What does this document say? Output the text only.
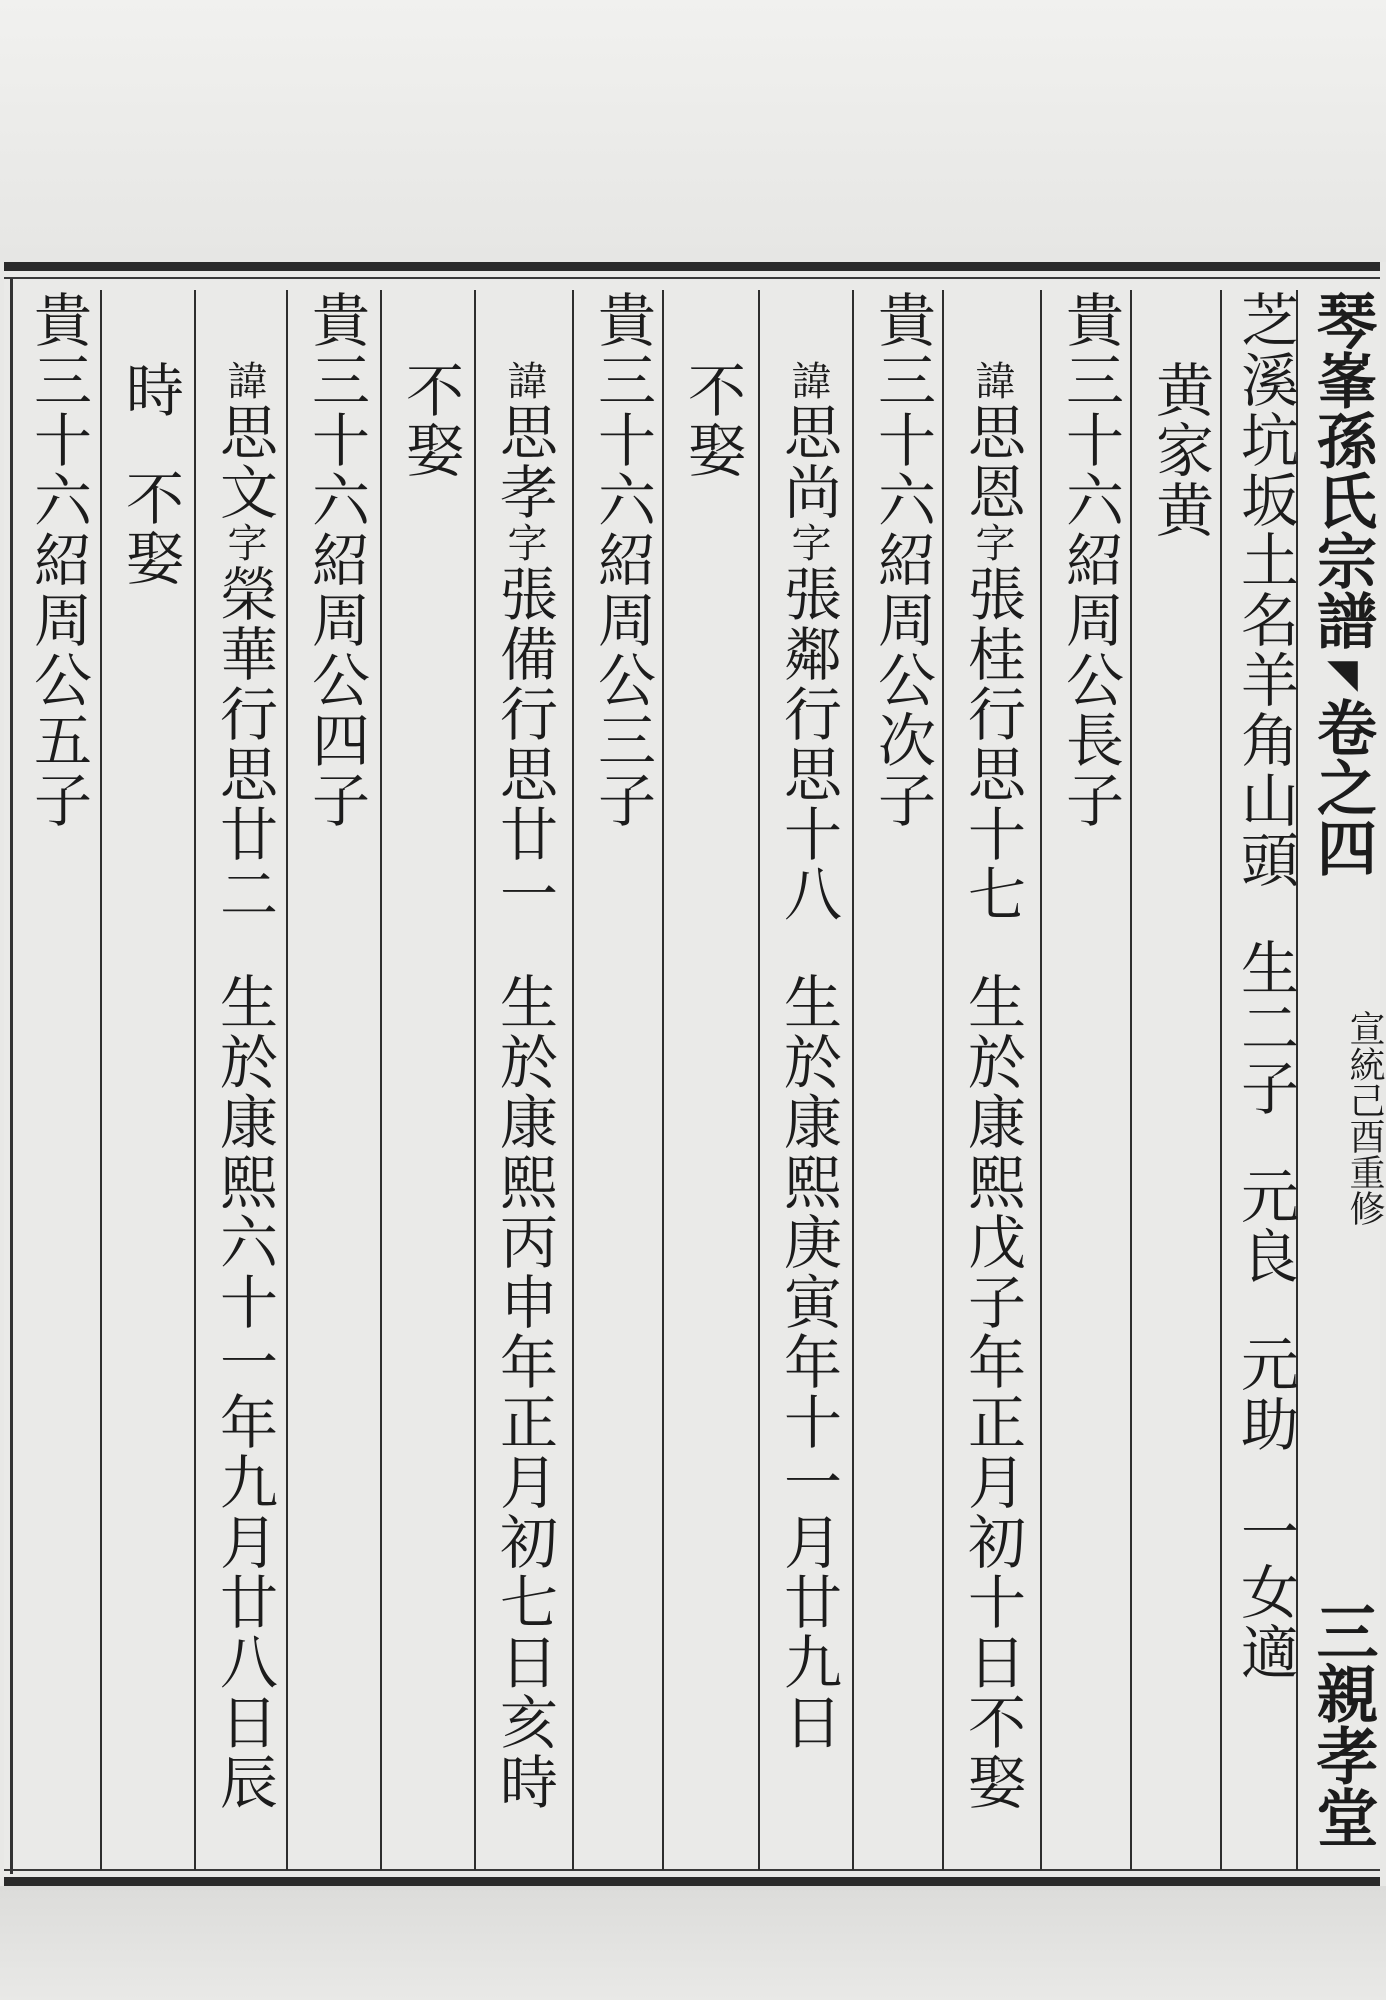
琴峯孫氏宗譜◥卷之四
宣統己酉重修
三親孝堂
芝溪坑坂土名羊角山頭生二子元良元助一女適
黄家黄
貴三十六紹周公長子
諱思恩字張桂行思十七生於康熙戊子年正月初十日不娶
貴三十六紹周公次子
諱思尚字張鄰行思十八生於康熙庚寅年十一月廿九日
不娶
貴三十六紹周公三子
諱思孝字張備行思廿一生於康熙丙申年正月初七日亥時
不娶
貴三十六紹周公四子
諱思文字榮華行思廿二生於康熙六十一年九月廿八日辰
時不娶
貴三十六紹周公五子
